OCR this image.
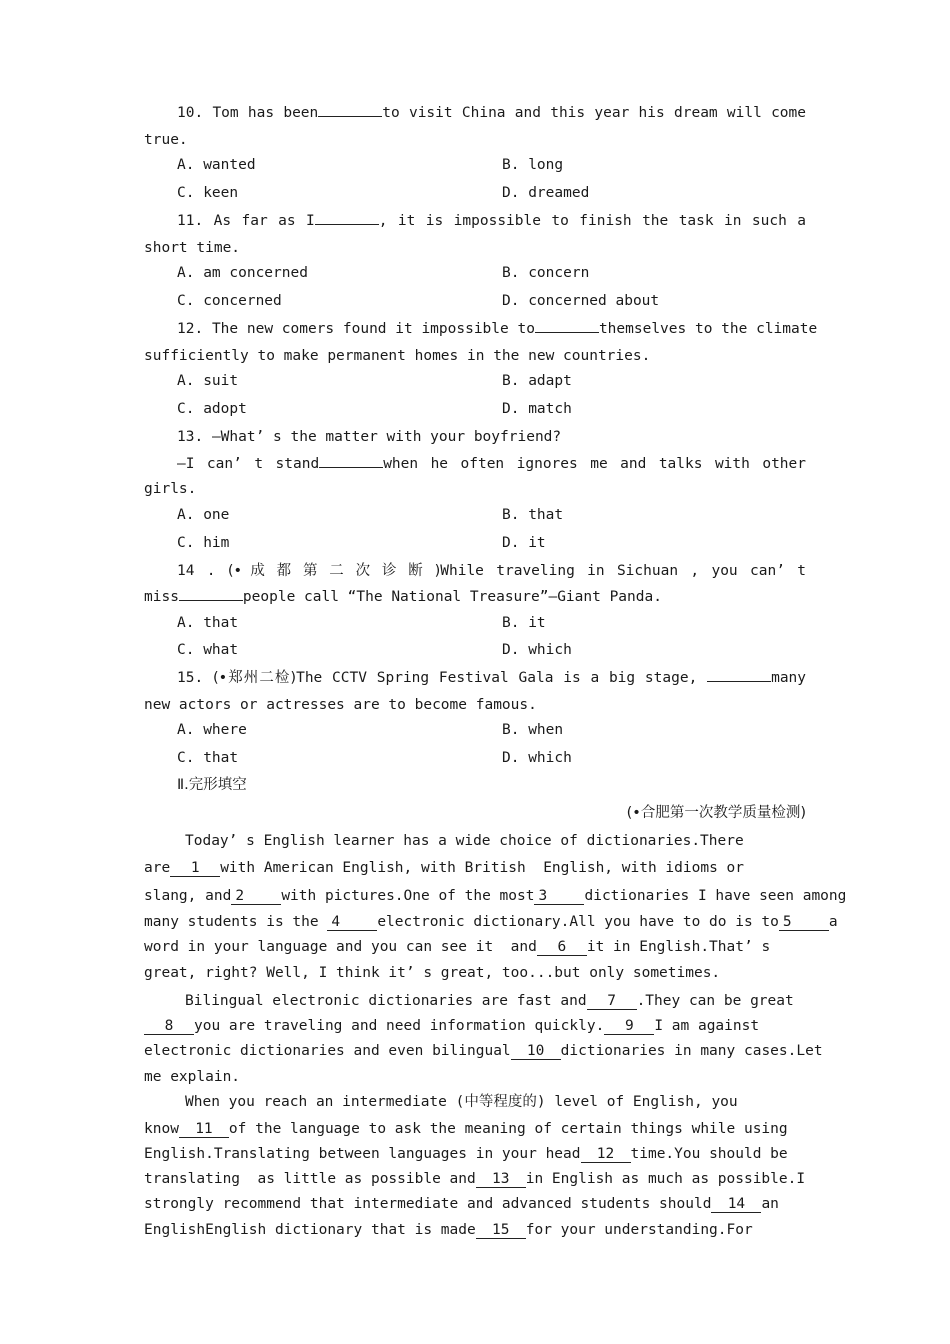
10. Tom has been	to visit China and this year his dream will come
true.
A. wanted	B. long
C. keen	D. dreamed
11. As far as I	, it is impossible to finish the task in such a
short time.
A. am concerned	B. concern
C. concerned	D. concerned about
12. The new comers found it impossible to	themselves to the climate
sufficiently to make permanent homes in the new countries.
A. suit	B. adapt
C. adopt	D. match
13. —What’ s the matter with your boyfriend?
—I can’ t stand	when he often ignores me and talks with other
girls.
A. one	B. that
C. him	D. it
14 . (• 成 都 第 二 次 诊 断 )While traveling in Sichuan , you can’ t
miss	people call “The National Treasure”—Giant Panda.
A. that	B. it
C. what	D. which
15. (•郑州二检)The CCTV Spring Festival Gala is a big stage,	many
new actors or actresses are to become famous.
A. where	B. when
C. that	D. which
Ⅱ.完形填空
(•合肥第一次教学质量检测)
Today’ s English learner has a wide choice of dictionaries.There
are 1 with American English, with British  English, with idioms or
slang, and 2	with pictures.One of the most 3	dictionaries I have seen among
many students is the 4	electronic dictionary.All you have to do is to 5	a
word in your language and you can see it  and 6 it in English.That’ s
great, right? Well, I think it’ s great, too...but only sometimes.
Bilingual electronic dictionaries are fast and 7 .They can be great
8 you are traveling and need information quickly. 9 I am against
electronic dictionaries and even bilingual 10 dictionaries in many cases.Let
me explain.
When you reach an intermediate (中等程度的) level of English, you
know 11 of the language to ask the meaning of certain things while using
English.Translating between languages in your head 12 time.You should be
translating  as little as possible and 13 in English as much as possible.I
strongly recommend that intermediate and advanced students should 14 an
EnglishEnglish dictionary that is made 15 for your understanding.For
